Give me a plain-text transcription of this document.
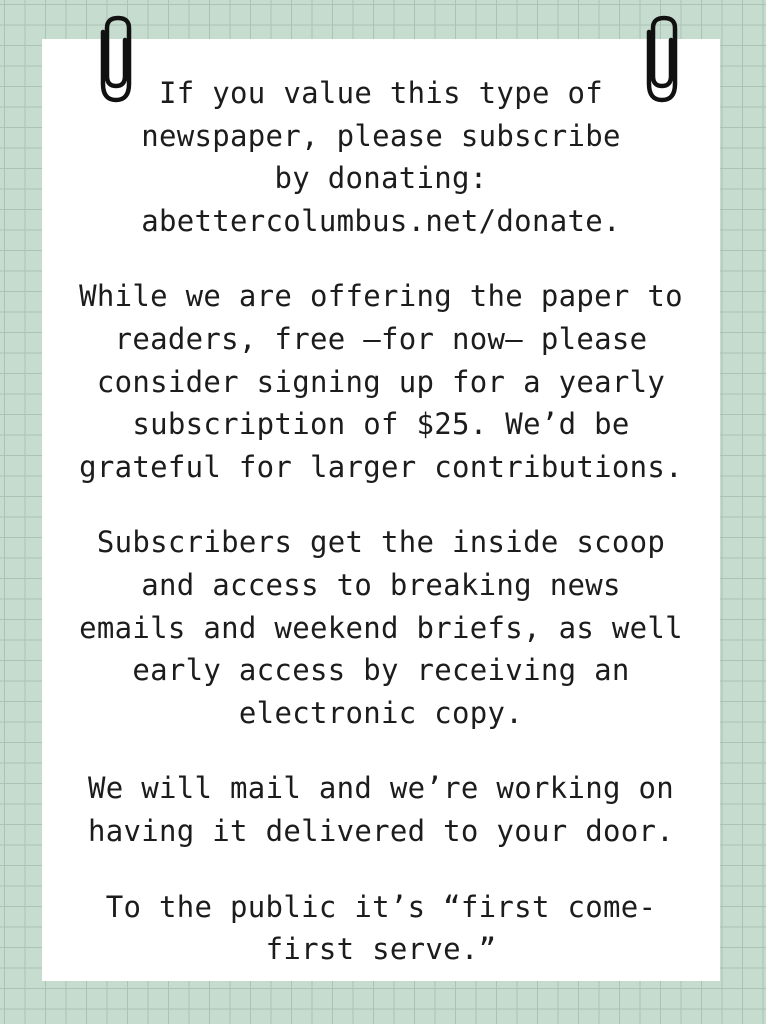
If you value this type of
newspaper, please subscribe
by donating:
abettercolumbus.net/donate.

While we are offering the paper to
readers, free –for now– please
consider signing up for a yearly
subscription of $25. We’d be
grateful for larger contributions.

Subscribers get the inside scoop
and access to breaking news
emails and weekend briefs, as well
early access by receiving an
electronic copy.

We will mail and we’re working on
having it delivered to your door.

To the public it’s “first come-
first serve.”
